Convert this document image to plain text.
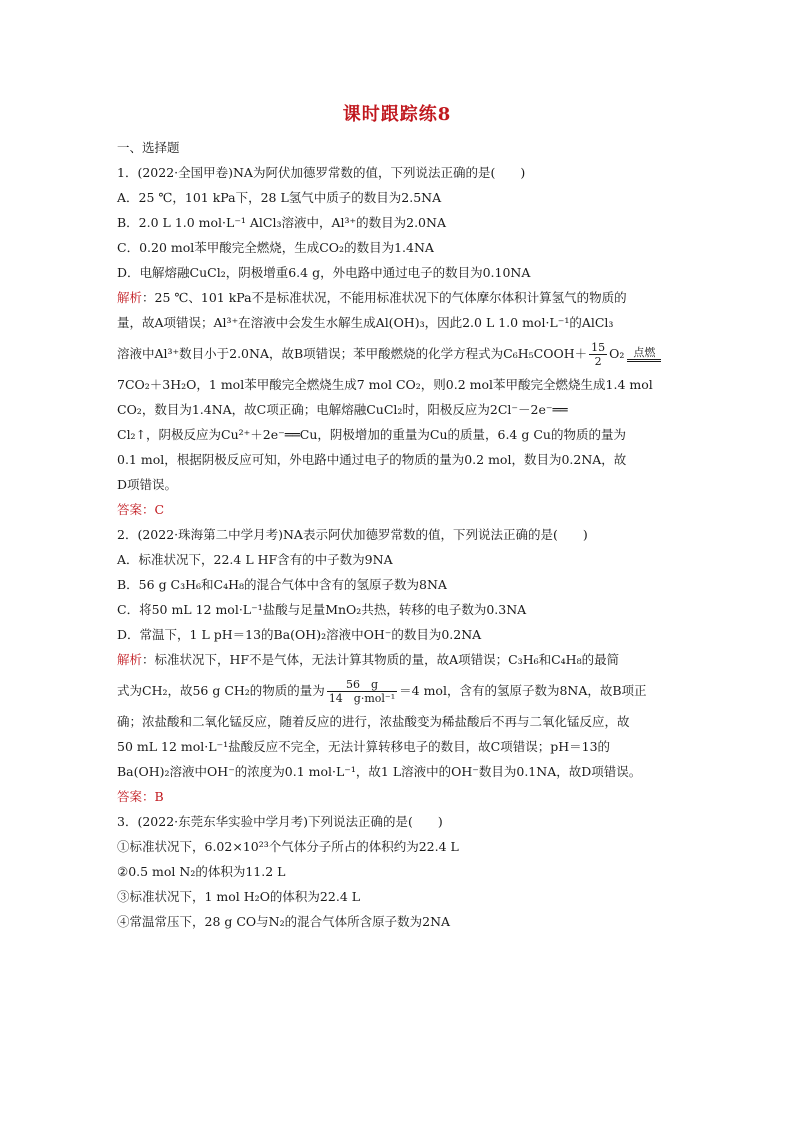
课时跟踪练8
一、选择题
1．(2022·全国甲卷)NA为阿伏加德罗常数的值，下列说法正确的是(　　)
A．25 ℃，101 kPa下，28 L氢气中质子的数目为2.5NA
B．2.0 L 1.0 mol·L⁻¹ AlCl₃溶液中，Al³⁺的数目为2.0NA
C．0.20 mol苯甲酸完全燃烧，生成CO₂的数目为1.4NA
D．电解熔融CuCl₂，阴极增重6.4 g，外电路中通过电子的数目为0.10NA
解析：25 ℃、101 kPa不是标准状况，不能用标准状况下的气体摩尔体积计算氢气的物质的
量，故A项错误；Al³⁺在溶液中会发生水解生成Al(OH)₃，因此2.0 L 1.0 mol·L⁻¹的AlCl₃
溶液中Al³⁺数目小于2.0NA，故B项错误；苯甲酸燃烧的化学方程式为C₆H₅COOH＋ $\frac{15}{2} O_2$ 点燃
7CO₂＋3H₂O，1 mol苯甲酸完全燃烧生成7 mol CO₂，则0.2 mol苯甲酸完全燃烧生成1.4 mol
CO₂，数目为1.4NA，故C项正确；电解熔融CuCl₂时，阳极反应为2Cl⁻－2e⁻══
Cl₂↑，阴极反应为Cu²⁺＋2e⁻══Cu，阴极增加的重量为Cu的质量，6.4 g Cu的物质的量为
0.1 mol，根据阴极反应可知，外电路中通过电子的物质的量为0.2 mol，数目为0.2NA，故
D项错误。
答案：C
2．(2022·珠海第二中学月考)NA表示阿伏加德罗常数的值，下列说法正确的是(　　)
A．标准状况下，22.4 L HF含有的中子数为9NA
B．56 g C₃H₆和C₄H₈的混合气体中含有的氢原子数为8NA
C．将50 mL 12 mol·L⁻¹盐酸与足量MnO₂共热，转移的电子数为0.3NA
D．常温下，1 L pH＝13的Ba(OH)₂溶液中OH⁻的数目为0.2NA
解析：标准状况下，HF不是气体，无法计算其物质的量，故A项错误；C₃H₆和C₄H₈的最简
式为CH₂，故56 g CH₂的物质的量为 $\frac{56 g}{\text{14　g·mol⁻¹}} =4$ mol，含有的氢原子数为8NA，故B项正
确；浓盐酸和二氧化锰反应，随着反应的进行，浓盐酸变为稀盐酸后不再与二氧化锰反应，故
50 mL 12 mol·L⁻¹盐酸反应不完全，无法计算转移电子的数目，故C项错误；pH＝13的
Ba(OH)₂溶液中OH⁻的浓度为0.1 mol·L⁻¹，故1 L溶液中的OH⁻数目为0.1NA，故D项错误。
答案：B
3．(2022·东莞东华实验中学月考)下列说法正确的是(　　)
①标准状况下，6.02×10²³个气体分子所占的体积约为22.4 L
②0.5 mol N₂的体积为11.2 L
③标准状况下，1 mol H₂O的体积为22.4 L
④常温常压下，28 g CO与N₂的混合气体所含原子数为2NA
